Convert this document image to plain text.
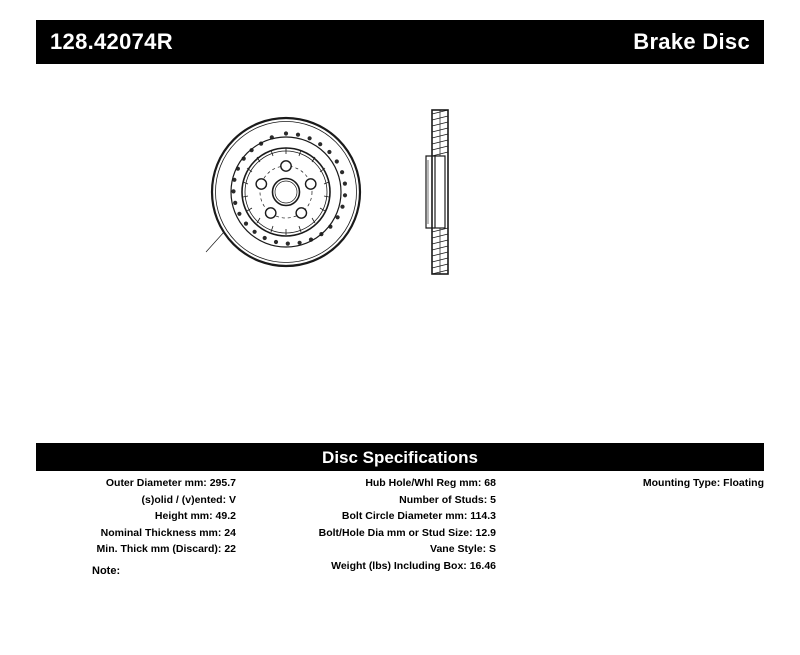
128.42074R	Brake Disc
Disc Specifications
Outer Diameter mm: 295.7
(s)olid / (v)ented: V
Height mm: 49.2
Nominal Thickness mm: 24
Min. Thick mm (Discard): 22
Hub Hole/Whl Reg mm: 68
Number of Studs: 5
Bolt Circle Diameter mm: 114.3
Bolt/Hole Dia mm or Stud Size: 12.9
Vane Style: S
Weight (lbs) Including Box: 16.46
Mounting Type: Floating
Note:
